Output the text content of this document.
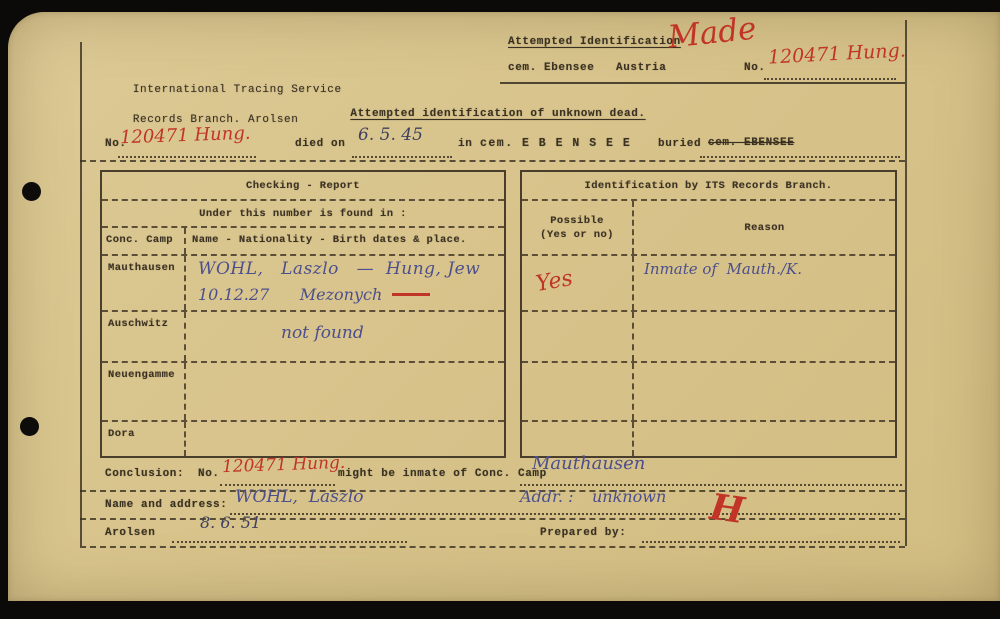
International Tracing Service

Records Branch. Arolsen

Attempted Identification
Made
cem. Ebensee   Austria	No. 120471 Hung.
Attempted identification of unknown dead.
No.
120471 Hung.	died on 6. 5. 45	in cem. E B E N S E E buried cem. EBENSEE
Checking - Report
Under this number is found in :
Conc. Camp	Name - Nationality - Birth dates & place.
Mauthausen	WOHL,   Laszlo   —  Hung, Jew
10.12.27      Mezonych
Auschwitz	not found
Neuengamme
Dora
Identification by ITS Records Branch.
Possible
(Yes or no)
Reason
Yes	Inmate of  Mauth./K.
Conclusion: No. 120471 Hung.
might be inmate of Conc. Camp
Mauthausen
Name and address: WOHL,  Laszlo	Addr. : unknown H
Arolsen
8. 6. 51
Prepared by:
